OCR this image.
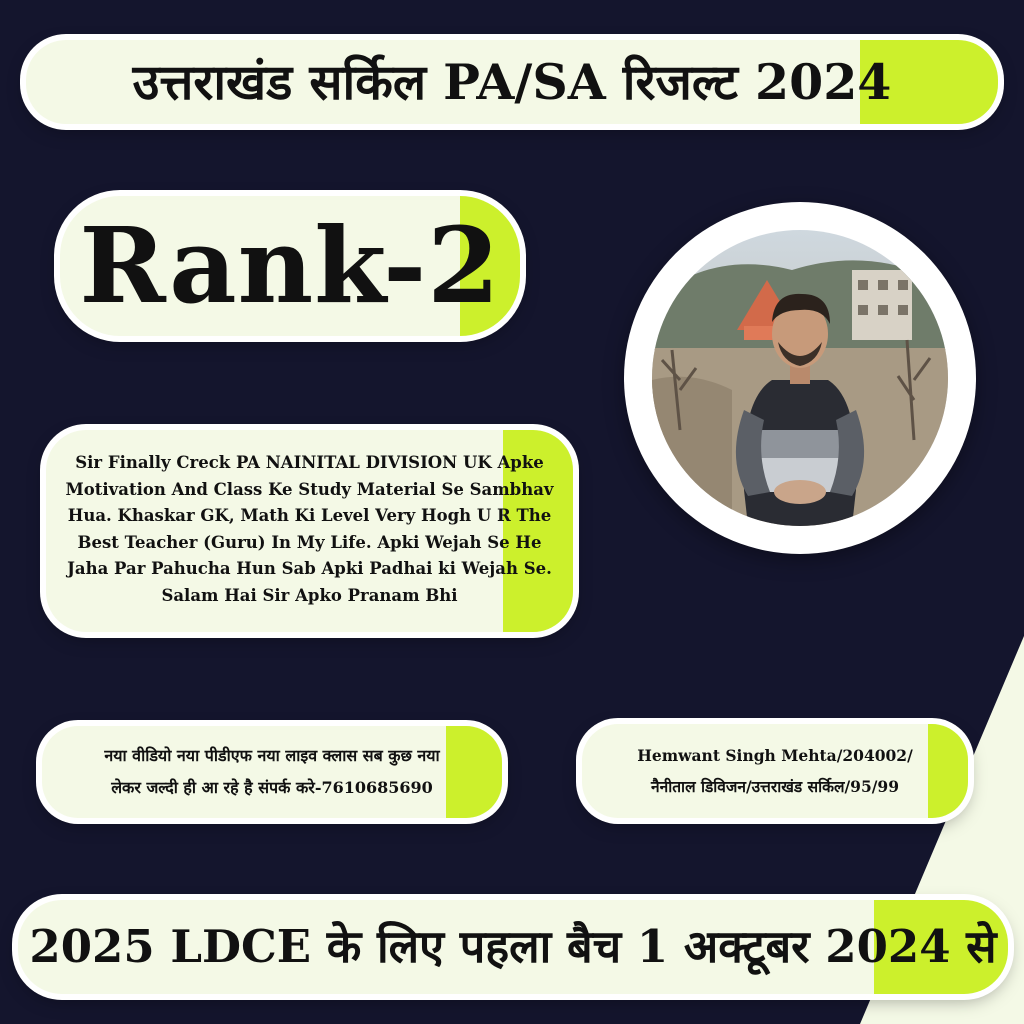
उत्तराखंड सर्किल PA/SA रिजल्ट 2024
Rank-2
Sir Finally Creck PA NAINITAL DIVISION UK Apke
Motivation And Class Ke Study Material Se Sambhav
Hua. Khaskar GK, Math Ki Level Very Hogh U R The
Best Teacher (Guru) In My Life. Apki Wejah Se He
Jaha Par Pahucha Hun Sab Apki Padhai ki Wejah Se.
Salam Hai Sir Apko Pranam Bhi
नया वीडियो नया पीडीएफ नया लाइव क्लास सब कुछ नया
लेकर जल्दी ही आ रहे है संपर्क करे-7610685690
Hemwant Singh Mehta/204002/
नैनीताल डिविजन/उत्तराखंड सर्किल/95/99
2025 LDCE के लिए पहला बैच 1 अक्टूबर 2024 से
